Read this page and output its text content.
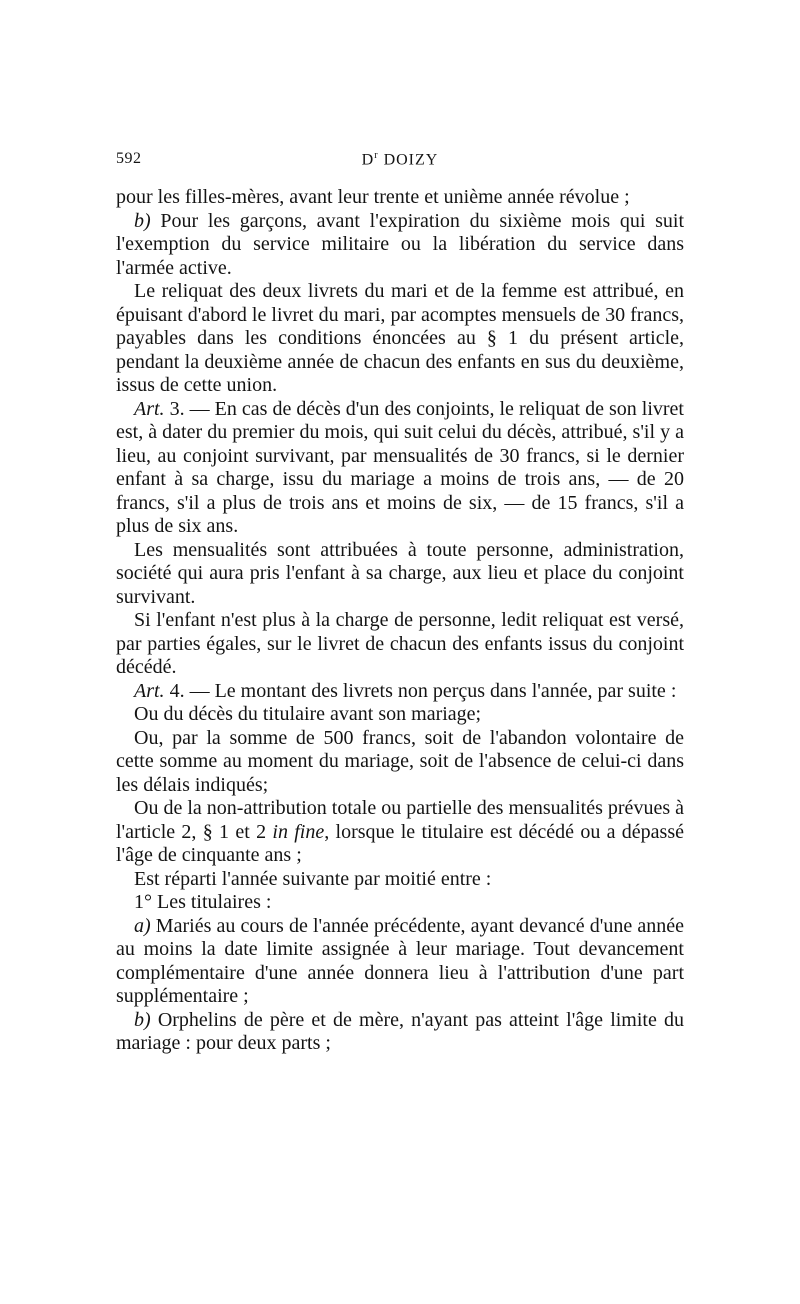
592	$D^r$ DOIZY

pour les filles-mères, avant leur trente et unième année révolue ;

b) Pour les garçons, avant l'expiration du sixième mois qui suit l'exemption du service militaire ou la libération du service dans l'armée active.

Le reliquat des deux livrets du mari et de la femme est attribué, en épuisant d'abord le livret du mari, par acomptes mensuels de 30 francs, payables dans les conditions énoncées au § 1 du présent article, pendant la deuxième année de chacun des enfants en sus du deuxième, issus de cette union.

Art. 3. — En cas de décès d'un des conjoints, le reliquat de son livret est, à dater du premier du mois, qui suit celui du décès, attribué, s'il y a lieu, au conjoint survivant, par mensualités de 30 francs, si le dernier enfant à sa charge, issu du mariage a moins de trois ans, — de 20 francs, s'il a plus de trois ans et moins de six, — de 15 francs, s'il a plus de six ans.

Les mensualités sont attribuées à toute personne, administration, société qui aura pris l'enfant à sa charge, aux lieu et place du conjoint survivant.

Si l'enfant n'est plus à la charge de personne, ledit reliquat est versé, par parties égales, sur le livret de chacun des enfants issus du conjoint décédé.

Art. 4. — Le montant des livrets non perçus dans l'année, par suite :

Ou du décès du titulaire avant son mariage;

Ou, par la somme de 500 francs, soit de l'abandon volontaire de cette somme au moment du mariage, soit de l'absence de celui-ci dans les délais indiqués;

Ou de la non-attribution totale ou partielle des mensualités prévues à l'article 2, § 1 et 2 in fine, lorsque le titulaire est décédé ou a dépassé l'âge de cinquante ans ;

Est réparti l'année suivante par moitié entre :

1° Les titulaires :

a) Mariés au cours de l'année précédente, ayant devancé d'une année au moins la date limite assignée à leur mariage. Tout devancement complémentaire d'une année donnera lieu à l'attribution d'une part supplémentaire ;

b) Orphelins de père et de mère, n'ayant pas atteint l'âge limite du mariage : pour deux parts ;
